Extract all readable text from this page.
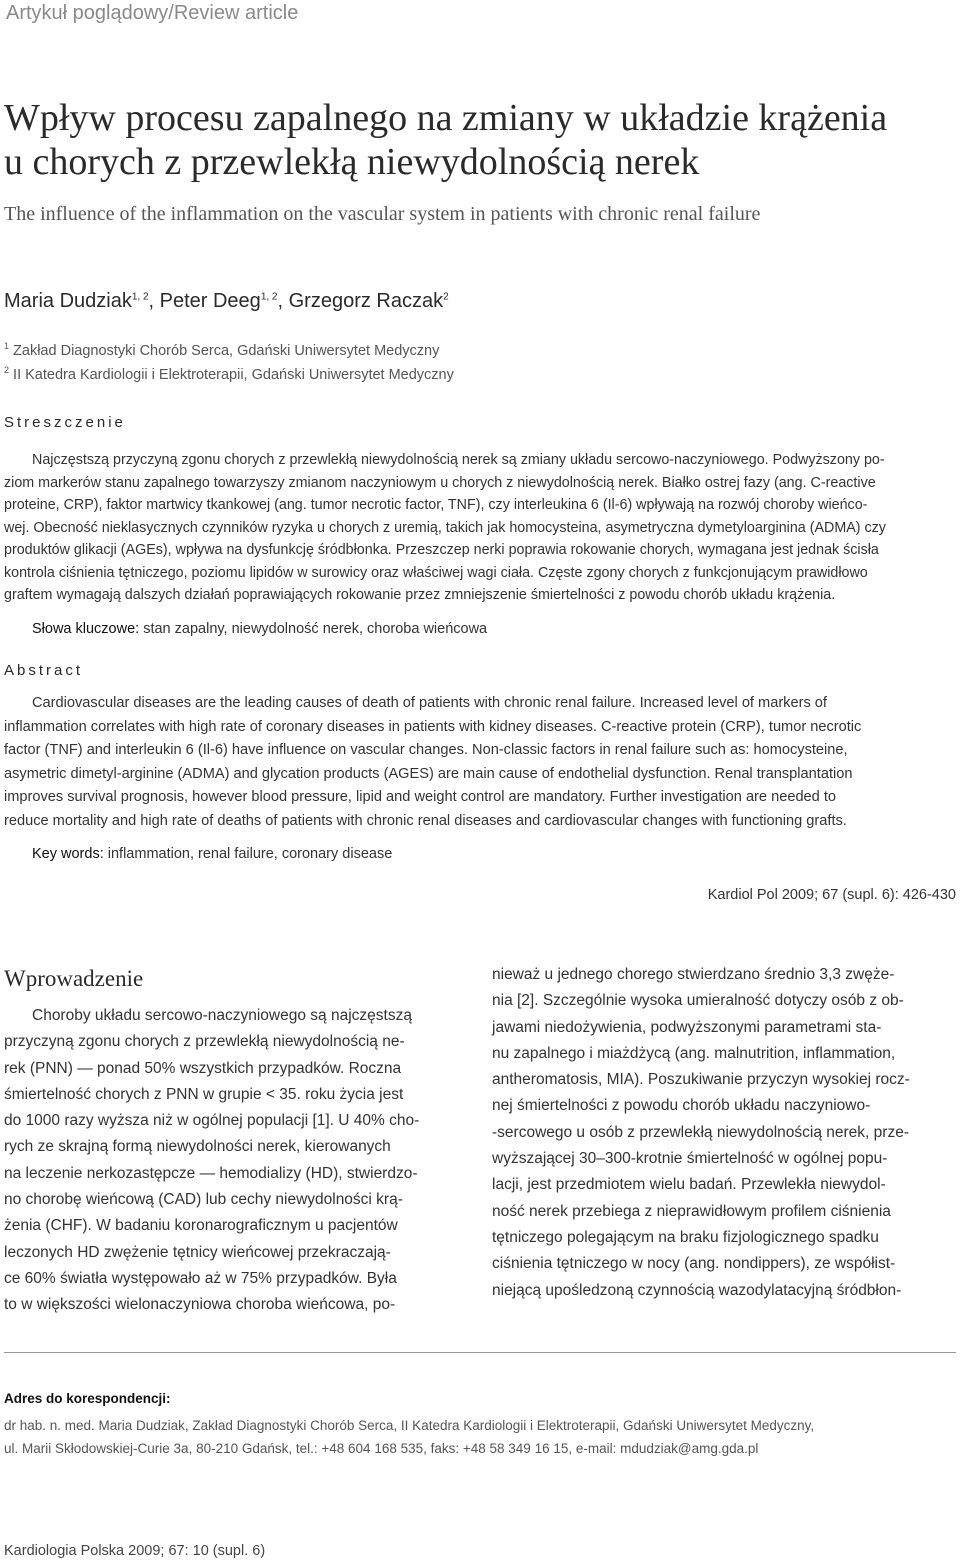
Artykuł poglądowy/Review article
Wpływ procesu zapalnego na zmiany w układzie krążenia
u chorych z przewlekłą niewydolnością nerek
The influence of the inflammation on the vascular system in patients with chronic renal failure
Maria Dudziak$^{1, 2}$, Peter Deeg$^{1, 2}$, Grzegorz Raczak$^2$
$^1$ Zakład Diagnostyki Chorób Serca, Gdański Uniwersytet Medyczny
$^2$ II Katedra Kardiologii i Elektroterapii, Gdański Uniwersytet Medyczny
Streszczenie
Najczęstszą przyczyną zgonu chorych z przewlekłą niewydolnością nerek są zmiany układu sercowo-naczyniowego. Podwyższony po-
ziom markerów stanu zapalnego towarzyszy zmianom naczyniowym u chorych z niewydolnością nerek. Białko ostrej fazy (ang. C-reactive
proteine, CRP), faktor martwicy tkankowej (ang. tumor necrotic factor, TNF), czy interleukina 6 (Il-6) wpływają na rozwój choroby wieńco-
wej. Obecność nieklasycznych czynników ryzyka u chorych z uremią, takich jak homocysteina, asymetryczna dymetyloarginina (ADMA) czy
produktów glikacji (AGEs), wpływa na dysfunkcję śródbłonka. Przeszczep nerki poprawia rokowanie chorych, wymagana jest jednak ścisła
kontrola ciśnienia tętniczego, poziomu lipidów w surowicy oraz właściwej wagi ciała. Częste zgony chorych z funkcjonującym prawidłowo
graftem wymagają dalszych działań poprawiających rokowanie przez zmniejszenie śmiertelności z powodu chorób układu krążenia.
Słowa kluczowe: stan zapalny, niewydolność nerek, choroba wieńcowa
Abstract
Cardiovascular diseases are the leading causes of death of patients with chronic renal failure. Increased level of markers of
inflammation correlates with high rate of coronary diseases in patients with kidney diseases. C-reactive protein (CRP), tumor necrotic
factor (TNF) and interleukin 6 (Il-6) have influence on vascular changes. Non-classic factors in renal failure such as: homocysteine,
asymetric dimetyl-arginine (ADMA) and glycation products (AGES) are main cause of endothelial dysfunction. Renal transplantation
improves survival prognosis, however blood pressure, lipid and weight control are mandatory. Further investigation are needed to
reduce mortality and high rate of deaths of patients with chronic renal diseases and cardiovascular changes with functioning grafts.
Key words: inflammation, renal failure, coronary disease
Kardiol Pol 2009; 67 (supl. 6): 426-430
Wprowadzenie
Choroby układu sercowo-naczyniowego są najczęstszą
przyczyną zgonu chorych z przewlekłą niewydolnością ne-
rek (PNN) — ponad 50% wszystkich przypadków. Roczna
śmiertelność chorych z PNN w grupie < 35. roku życia jest
do 1000 razy wyższa niż w ogólnej populacji [1]. U 40% cho-
rych ze skrajną formą niewydolności nerek, kierowanych
na leczenie nerkozastępcze — hemodializy (HD), stwierdzo-
no chorobę wieńcową (CAD) lub cechy niewydolności krą-
żenia (CHF). W badaniu koronarograficznym u pacjentów
leczonych HD zwężenie tętnicy wieńcowej przekraczają-
ce 60% światła występowało aż w 75% przypadków. Była
to w większości wielonaczyniowa choroba wieńcowa, po-
nieważ u jednego chorego stwierdzano średnio 3,3 zwęże-
nia [2]. Szczególnie wysoka umieralność dotyczy osób z ob-
jawami niedożywienia, podwyższonymi parametrami sta-
nu zapalnego i miażdżycą (ang. malnutrition, inflammation,
antheromatosis, MIA). Poszukiwanie przyczyn wysokiej rocz-
nej śmiertelności z powodu chorób układu naczyniowo-
-sercowego u osób z przewlekłą niewydolnością nerek, prze-
wyższającej 30–300-krotnie śmiertelność w ogólnej popu-
lacji, jest przedmiotem wielu badań. Przewlekła niewydol-
ność nerek przebiega z nieprawidłowym profilem ciśnienia
tętniczego polegającym na braku fizjologicznego spadku
ciśnienia tętniczego w nocy (ang. nondippers), ze współist-
niejącą upośledzoną czynnością wazodylatacyjną śródbłon-
Adres do korespondencji:
dr hab. n. med. Maria Dudziak, Zakład Diagnostyki Chorób Serca, II Katedra Kardiologii i Elektroterapii, Gdański Uniwersytet Medyczny,
ul. Marii Skłodowskiej-Curie 3a, 80-210 Gdańsk, tel.: +48 604 168 535, faks: +48 58 349 16 15, e-mail: mdudziak@amg.gda.pl
Kardiologia Polska 2009; 67: 10 (supl. 6)
